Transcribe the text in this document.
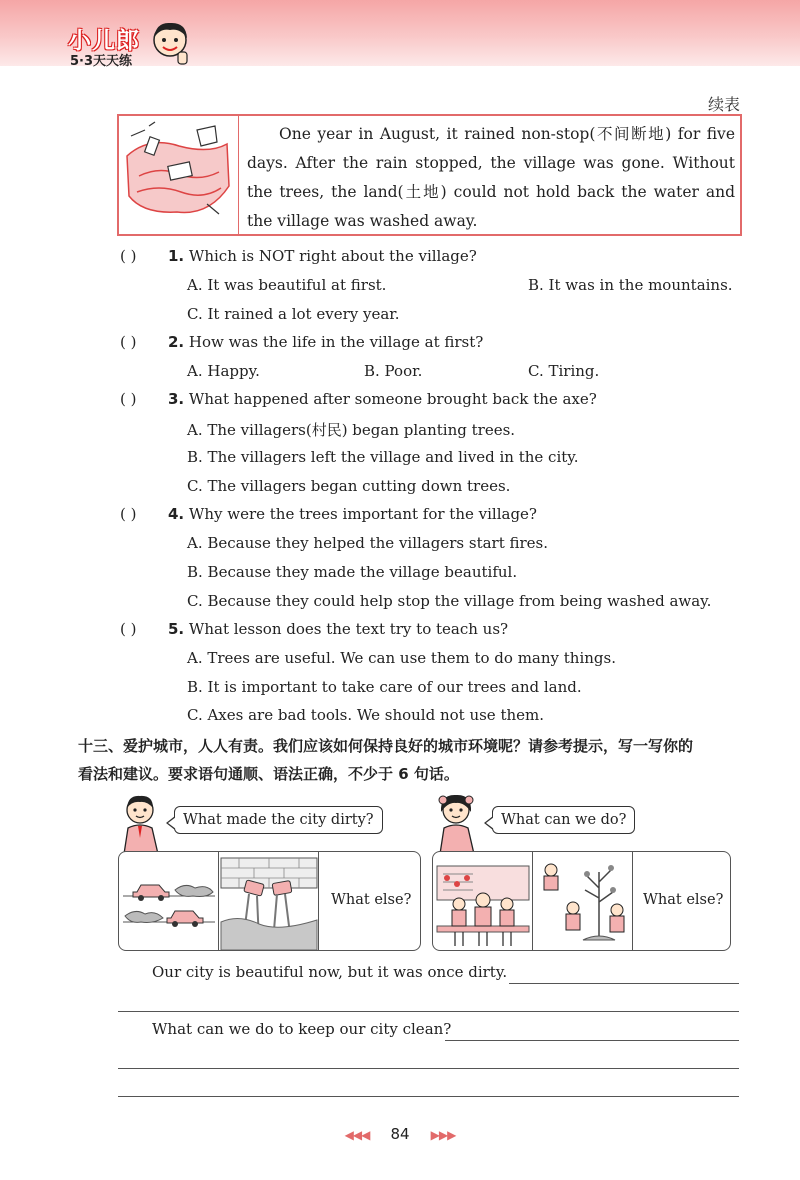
小儿郎
5·3天天练
续表
One year in August, it rained non-stop(不间断地) for five days. After the rain stopped, the village was gone. Without the trees, the land(土地) could not hold back the water and the village was washed away.
( ) 1. Which is NOT right about the village?
A. It was beautiful at first.	B. It was in the mountains.
C. It rained a lot every year.
( ) 2. How was the life in the village at first?
A. Happy.	B. Poor.	C. Tiring.
( ) 3. What happened after someone brought back the axe?
A. The villagers(村民) began planting trees.
B. The villagers left the village and lived in the city.
C. The villagers began cutting down trees.
( ) 4. Why were the trees important for the village?
A. Because they helped the villagers start fires.
B. Because they made the village beautiful.
C. Because they could help stop the village from being washed away.
( ) 5. What lesson does the text try to teach us?
A. Trees are useful. We can use them to do many things.
B. It is important to take care of our trees and land.
C. Axes are bad tools. We should not use them.
十三、爱护城市，人人有责。我们应该如何保持良好的城市环境呢？请参考提示，写一写你的
看法和建议。要求语句通顺、语法正确，不少于 6 句话。
What made the city dirty?	What can we do?
What else?	What else?
Our city is beautiful now, but it was once dirty.
What can we do to keep our city clean?
◀◀◀ 84 ▶▶▶
